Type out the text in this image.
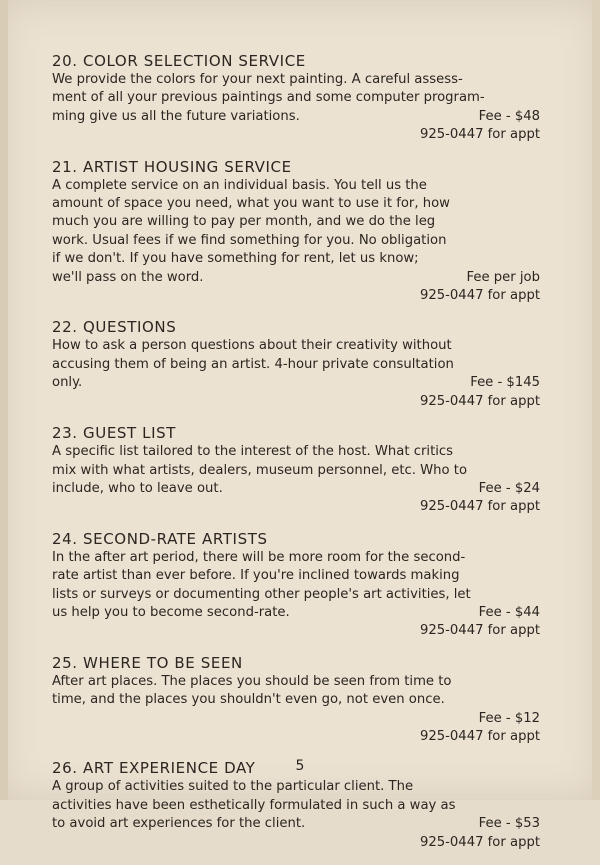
20. COLOR SELECTION SERVICE
We provide the colors for your next painting. A careful assess-
ment of all your previous paintings and some computer program-
Fee - $48
ming give us all the future variations.
925-0447 for appt
21. ARTIST HOUSING SERVICE
A complete service on an individual basis. You tell us the
amount of space you need, what you want to use it for, how
much you are willing to pay per month, and we do the leg
work. Usual fees if we find something for you. No obligation
if we don't. If you have something for rent, let us know;
Fee per job
we'll pass on the word.
925-0447 for appt
22. QUESTIONS
How to ask a person questions about their creativity without
accusing them of being an artist. 4-hour private consultation
Fee - $145
only.
925-0447 for appt
23. GUEST LIST
A specific list tailored to the interest of the host. What critics
mix with what artists, dealers, museum personnel, etc. Who to
Fee - $24
include, who to leave out.
925-0447 for appt
24. SECOND-RATE ARTISTS
In the after art period, there will be more room for the second-
rate artist than ever before. If you're inclined towards making
lists or surveys or documenting other people's art activities, let
Fee - $44
us help you to become second-rate.
925-0447 for appt
25. WHERE TO BE SEEN
After art places. The places you should be seen from time to
time, and the places you shouldn't even go, not even once.
Fee - $12
925-0447 for appt
26. ART EXPERIENCE DAY
A group of activities suited to the particular client. The
activities have been esthetically formulated in such a way as
Fee - $53
to avoid art experiences for the client.
925-0447 for appt
5
